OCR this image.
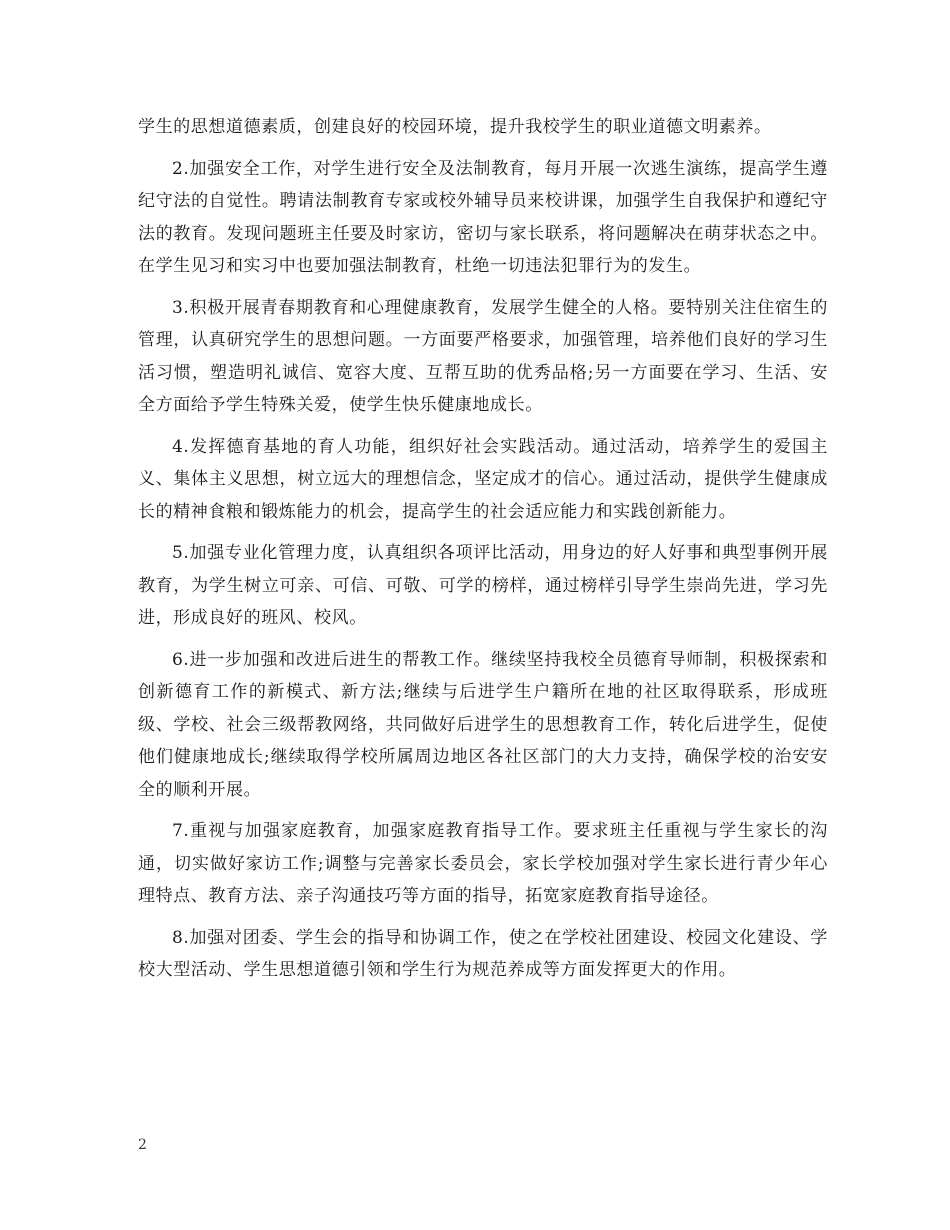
学生的思想道德素质，创建良好的校园环境，提升我校学生的职业道德文明素养。

2.加强安全工作，对学生进行安全及法制教育，每月开展一次逃生演练，提高学生遵纪守法的自觉性。聘请法制教育专家或校外辅导员来校讲课，加强学生自我保护和遵纪守法的教育。发现问题班主任要及时家访，密切与家长联系，将问题解决在萌芽状态之中。在学生见习和实习中也要加强法制教育，杜绝一切违法犯罪行为的发生。

3.积极开展青春期教育和心理健康教育，发展学生健全的人格。要特别关注住宿生的管理，认真研究学生的思想问题。一方面要严格要求，加强管理，培养他们良好的学习生活习惯，塑造明礼诚信、宽容大度、互帮互助的优秀品格;另一方面要在学习、生活、安全方面给予学生特殊关爱，使学生快乐健康地成长。

4.发挥德育基地的育人功能，组织好社会实践活动。通过活动，培养学生的爱国主义、集体主义思想，树立远大的理想信念，坚定成才的信心。通过活动，提供学生健康成长的精神食粮和锻炼能力的机会，提高学生的社会适应能力和实践创新能力。

5.加强专业化管理力度，认真组织各项评比活动，用身边的好人好事和典型事例开展教育，为学生树立可亲、可信、可敬、可学的榜样，通过榜样引导学生崇尚先进，学习先进，形成良好的班风、校风。

6.进一步加强和改进后进生的帮教工作。继续坚持我校全员德育导师制，积极探索和创新德育工作的新模式、新方法;继续与后进学生户籍所在地的社区取得联系，形成班级、学校、社会三级帮教网络，共同做好后进学生的思想教育工作，转化后进学生，促使他们健康地成长;继续取得学校所属周边地区各社区部门的大力支持，确保学校的治安安全的顺利开展。

7.重视与加强家庭教育，加强家庭教育指导工作。要求班主任重视与学生家长的沟通，切实做好家访工作;调整与完善家长委员会，家长学校加强对学生家长进行青少年心理特点、教育方法、亲子沟通技巧等方面的指导，拓宽家庭教育指导途径。

8.加强对团委、学生会的指导和协调工作，使之在学校社团建设、校园文化建设、学校大型活动、学生思想道德引领和学生行为规范养成等方面发挥更大的作用。

2
